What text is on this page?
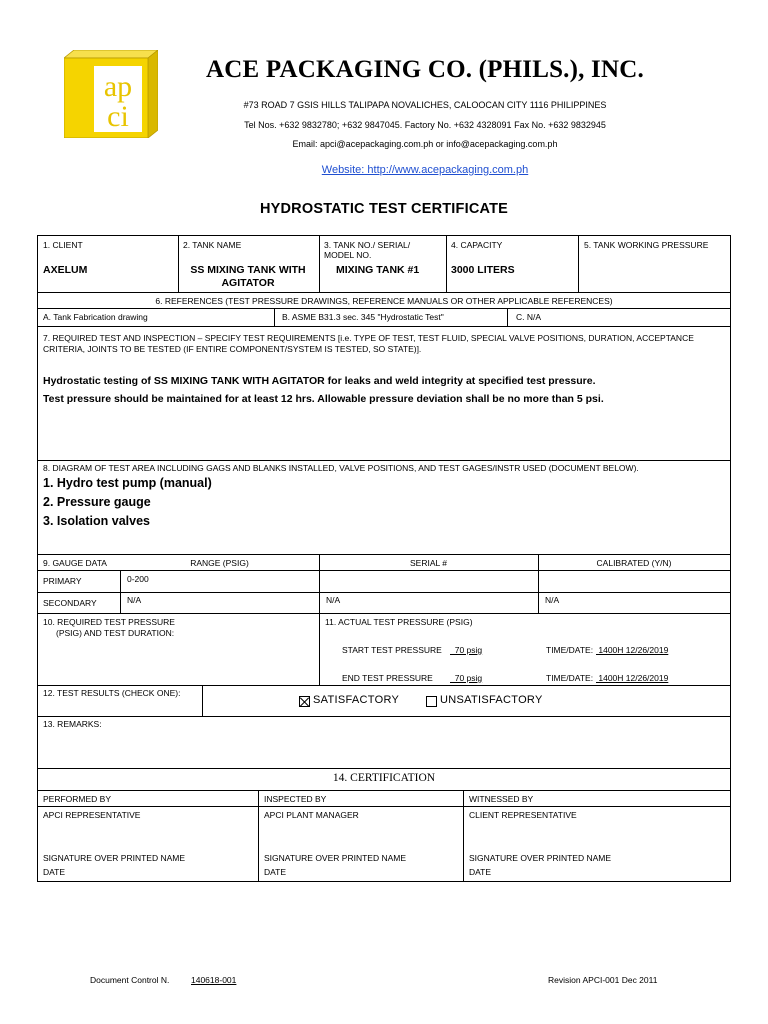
ap
ci
ACE PACKAGING CO. (PHILS.), INC.
#73 ROAD 7 GSIS HILLS TALIPAPA NOVALICHES, CALOOCAN CITY 1116 PHILIPPINES
Tel Nos. +632 9832780; +632 9847045. Factory No. +632 4328091 Fax No. +632 9832945
Email: apci@acepackaging.com.ph or info@acepackaging.com.ph
Website: http://www.acepackaging.com.ph
HYDROSTATIC TEST CERTIFICATE
1. CLIENT
AXELUM
2. TANK NAME
SS MIXING TANK WITH
AGITATOR
3. TANK NO./ SERIAL/
MODEL NO.
MIXING TANK #1
4. CAPACITY
3000 LITERS
5. TANK WORKING PRESSURE
6. REFERENCES (TEST PRESSURE DRAWINGS, REFERENCE MANUALS OR OTHER APPLICABLE REFERENCES)
A. Tank Fabrication drawing	B. ASME B31.3 sec. 345 "Hydrostatic Test"	C. N/A
7. REQUIRED TEST AND INSPECTION – SPECIFY TEST REQUIREMENTS [i.e. TYPE OF TEST, TEST FLUID, SPECIAL VALVE POSITIONS, DURATION, ACCEPTANCE
CRITERIA, JOINTS TO BE TESTED (IF ENTIRE COMPONENT/SYSTEM IS TESTED, SO STATE)].
Hydrostatic testing of SS MIXING TANK WITH AGITATOR for leaks and weld integrity at specified test pressure.
Test pressure should be maintained for at least 12 hrs. Allowable pressure deviation shall be no more than 5 psi.
8. DIAGRAM OF TEST AREA INCLUDING GAGS AND BLANKS INSTALLED, VALVE POSITIONS, AND TEST GAGES/INSTR USED (DOCUMENT BELOW).
1. Hydro test pump (manual)
2. Pressure gauge
3. Isolation valves
9. GAUGE DATA	RANGE (PSIG)	SERIAL #	CALIBRATED (Y/N)
PRIMARY	0-200
SECONDARY	N/A	N/A	N/A
10. REQUIRED TEST PRESSURE
(PSIG) AND TEST DURATION:
11. ACTUAL TEST PRESSURE (PSIG)
START TEST PRESSURE 70 psig	TIME/DATE: 1400H 12/26/2019
END TEST PRESSURE 70 psig	TIME/DATE: 1400H 12/26/2019
12. TEST RESULTS (CHECK ONE):
SATISFACTORY	UNSATISFACTORY
13. REMARKS:
14. CERTIFICATION
PERFORMED BY	INSPECTED BY	WITNESSED BY
APCI REPRESENTATIVE	APCI PLANT MANAGER	CLIENT REPRESENTATIVE
SIGNATURE OVER PRINTED NAME	SIGNATURE OVER PRINTED NAME	SIGNATURE OVER PRINTED NAME
DATE	DATE	DATE
Document Control N.	140618-001	Revision APCI-001 Dec 2011
